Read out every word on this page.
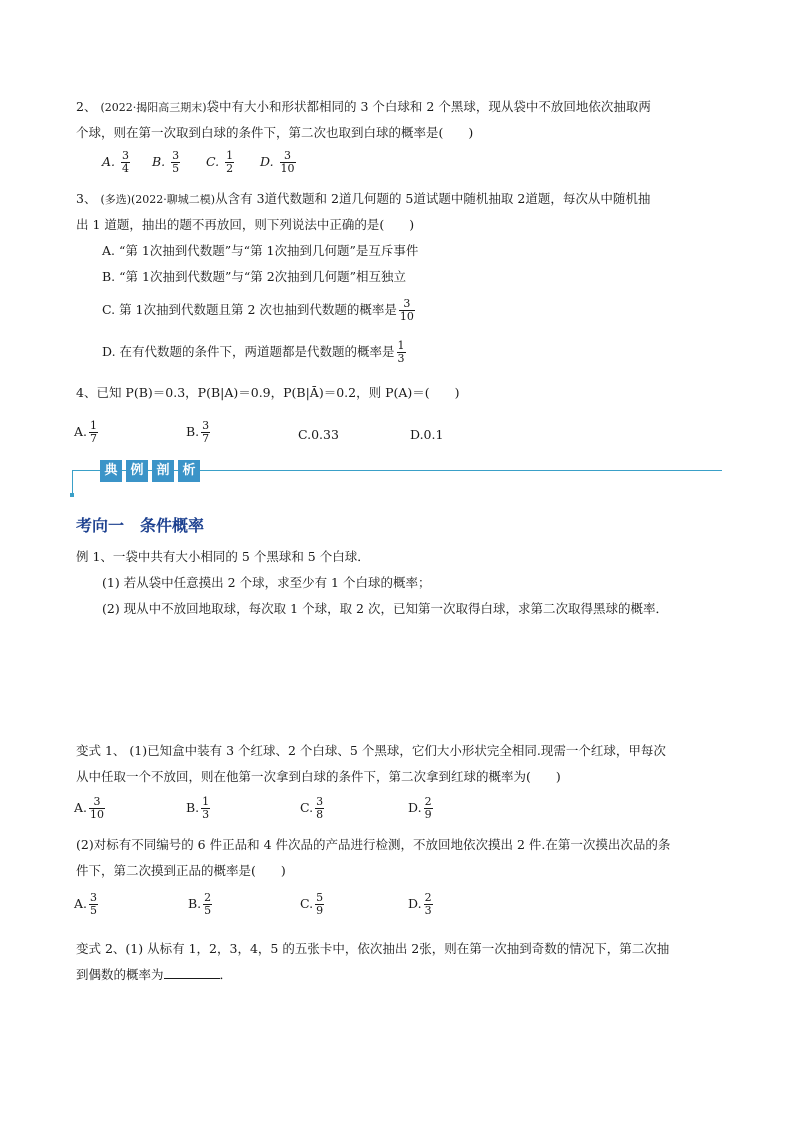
2、 (2022·揭阳高三期末)袋中有大小和形状都相同的 3 个白球和 2 个黑球，现从袋中不放回地依次抽取两
个球，则在第一次取到白球的条件下，第二次也取到白球的概率是(　　)
A. $\frac{3}{4} B$. $\frac{3}{5} C$. $\frac{1}{2} D$. $\frac{3}{10}$
3、 (多选)(2022·聊城二模)从含有 3道代数题和 2道几何题的 5道试题中随机抽取 2道题，每次从中随机抽
出 1 道题，抽出的题不再放回，则下列说法中正确的是(　　)
A. “第 1次抽到代数题”与“第 1次抽到几何题”是互斥事件
B. “第 1次抽到代数题”与“第 2次抽到几何题”相互独立
C. 第 1次抽到代数题且第 2 次也抽到代数题的概率是 $\frac{3}{10}$
D. 在有代数题的条件下，两道题都是代数题的概率是 $\frac{1}{3}$
4、已知 P(B)＝0.3，P(B|A)＝0.9，P(B|Ā)＝0.2，则 P(A)＝(　　)
A. $\frac{1}{7}$	B. $\frac{3}{7}$	C.0.33	D.0.1
典 例 剖 析
考向一　条件概率
例 1、一袋中共有大小相同的 5 个黑球和 5 个白球．
(1) 若从袋中任意摸出 2 个球，求至少有 1 个白球的概率；
(2) 现从中不放回地取球，每次取 1 个球，取 2 次，已知第一次取得白球，求第二次取得黑球的概率．
变式 1、 (1)已知盒中装有 3 个红球、2 个白球、5 个黑球，它们大小形状完全相同.现需一个红球，甲每次
从中任取一个不放回，则在他第一次拿到白球的条件下，第二次拿到红球的概率为(　　)
A. $\frac{3}{10}$	B. $\frac{1}{3}$	C. $\frac{3}{8}$	D. $\frac{2}{9}$
(2)对标有不同编号的 6 件正品和 4 件次品的产品进行检测，不放回地依次摸出 2 件.在第一次摸出次品的条
件下，第二次摸到正品的概率是(　　)
A. $\frac{3}{5}$	B. $\frac{2}{5}$	C. $\frac{5}{9}$	D. $\frac{2}{3}$
变式 2、(1) 从标有 1，2，3，4，5 的五张卡中，依次抽出 2张，则在第一次抽到奇数的情况下，第二次抽
到偶数的概率为	．
